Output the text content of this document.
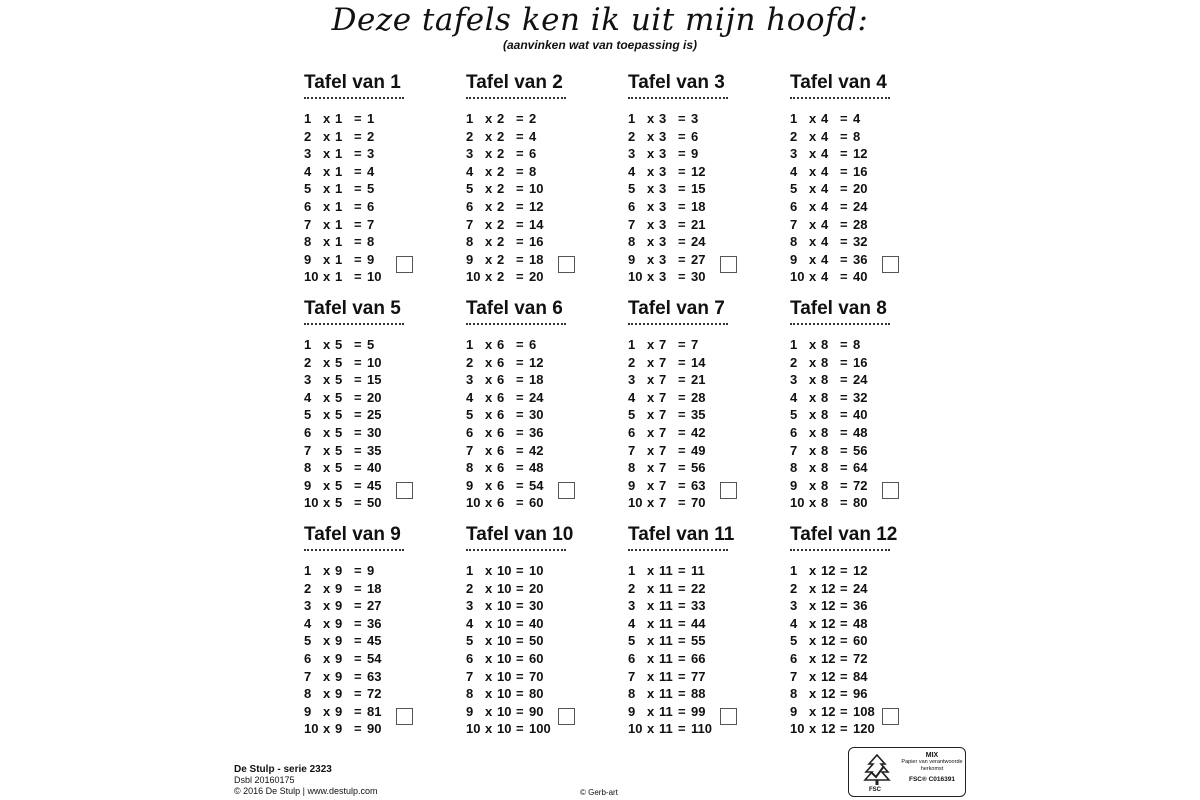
Deze tafels ken ik uit mijn hoofd:
(aanvinken wat van toepassing is)
Tafel van 1
1 x 1 = 1
2 x 1 = 2
3 x 1 = 3
4 x 1 = 4
5 x 1 = 5
6 x 1 = 6
7 x 1 = 7
8 x 1 = 8
9 x 1 = 9
10 x 1 = 10
Tafel van 2
1 x 2 = 2
2 x 2 = 4
3 x 2 = 6
4 x 2 = 8
5 x 2 = 10
6 x 2 = 12
7 x 2 = 14
8 x 2 = 16
9 x 2 = 18
10 x 2 = 20
Tafel van 3
1 x 3 = 3
2 x 3 = 6
3 x 3 = 9
4 x 3 = 12
5 x 3 = 15
6 x 3 = 18
7 x 3 = 21
8 x 3 = 24
9 x 3 = 27
10 x 3 = 30
Tafel van 4
1 x 4 = 4
2 x 4 = 8
3 x 4 = 12
4 x 4 = 16
5 x 4 = 20
6 x 4 = 24
7 x 4 = 28
8 x 4 = 32
9 x 4 = 36
10 x 4 = 40
Tafel van 5
1 x 5 = 5
2 x 5 = 10
3 x 5 = 15
4 x 5 = 20
5 x 5 = 25
6 x 5 = 30
7 x 5 = 35
8 x 5 = 40
9 x 5 = 45
10 x 5 = 50
Tafel van 6
1 x 6 = 6
2 x 6 = 12
3 x 6 = 18
4 x 6 = 24
5 x 6 = 30
6 x 6 = 36
7 x 6 = 42
8 x 6 = 48
9 x 6 = 54
10 x 6 = 60
Tafel van 7
1 x 7 = 7
2 x 7 = 14
3 x 7 = 21
4 x 7 = 28
5 x 7 = 35
6 x 7 = 42
7 x 7 = 49
8 x 7 = 56
9 x 7 = 63
10 x 7 = 70
Tafel van 8
1 x 8 = 8
2 x 8 = 16
3 x 8 = 24
4 x 8 = 32
5 x 8 = 40
6 x 8 = 48
7 x 8 = 56
8 x 8 = 64
9 x 8 = 72
10 x 8 = 80
Tafel van 9
1 x 9 = 9
2 x 9 = 18
3 x 9 = 27
4 x 9 = 36
5 x 9 = 45
6 x 9 = 54
7 x 9 = 63
8 x 9 = 72
9 x 9 = 81
10 x 9 = 90
Tafel van 10
1 x 10 = 10
2 x 10 = 20
3 x 10 = 30
4 x 10 = 40
5 x 10 = 50
6 x 10 = 60
7 x 10 = 70
8 x 10 = 80
9 x 10 = 90
10 x 10 = 100
Tafel van 11
1 x 11 = 11
2 x 11 = 22
3 x 11 = 33
4 x 11 = 44
5 x 11 = 55
6 x 11 = 66
7 x 11 = 77
8 x 11 = 88
9 x 11 = 99
10 x 11 = 110
Tafel van 12
1 x 12 = 12
2 x 12 = 24
3 x 12 = 36
4 x 12 = 48
5 x 12 = 60
6 x 12 = 72
7 x 12 = 84
8 x 12 = 96
9 x 12 = 108
10 x 12 = 120
De Stulp - serie 2323
Dsbl 20160175
© 2016 De Stulp | www.destulp.com	© Gerb-art	FSC
MIX
Papier van verantwoorde herkomst
FSC® C016391
